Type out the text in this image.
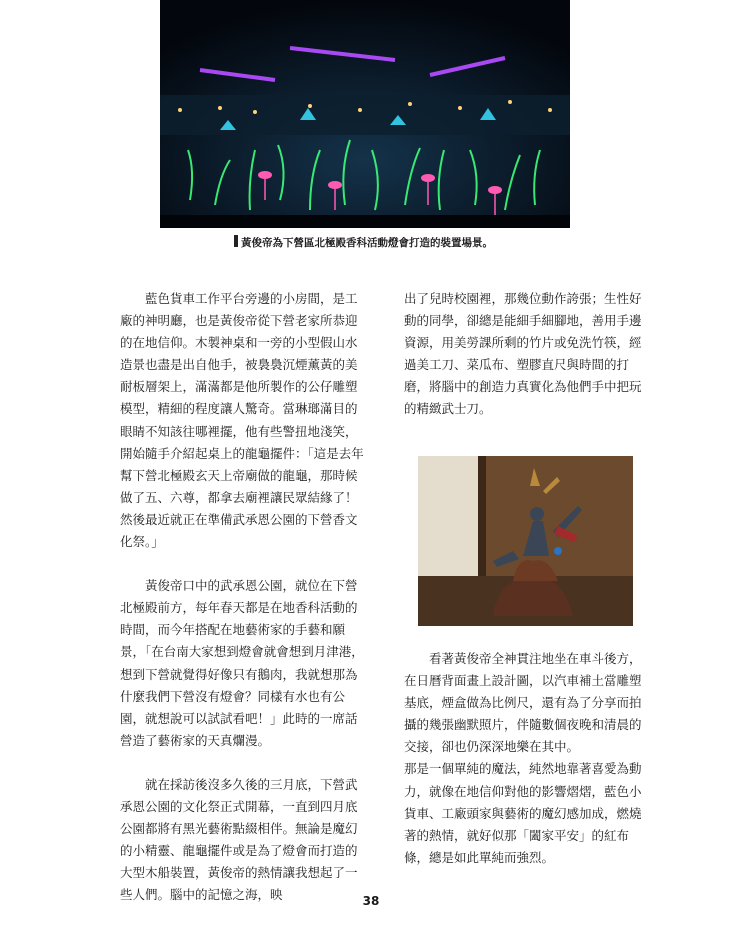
黃俊帝為下營區北極殿香科活動燈會打造的裝置場景。

藍色貨車工作平台旁邊的小房間，是工廠的神明廳，也是黃俊帝從下營老家所恭迎的在地信仰。木製神桌和一旁的小型假山水造景也盡是出自他手，被裊裊沉煙薰黃的美耐板層架上，滿滿都是他所製作的公仔雕塑模型，精細的程度讓人驚奇。當琳瑯滿目的眼睛不知該往哪裡擺，他有些警扭地淺笑，開始隨手介紹起桌上的龍龜擺件：「這是去年幫下營北極殿玄天上帝廟做的龍龜，那時候做了五、六尊，都拿去廟裡讓民眾結緣了！然後最近就正在準備武承恩公園的下營香文化祭。」

黃俊帝口中的武承恩公園，就位在下營北極殿前方，每年春天都是在地香科活動的時間，而今年搭配在地藝術家的手藝和願景，「在台南大家想到燈會就會想到月津港，想到下營就覺得好像只有鵝肉，我就想那為什麼我們下營沒有燈會？同樣有水也有公園，就想說可以試試看吧！」此時的一席話營造了藝術家的天真爛漫。

就在採訪後沒多久後的三月底，下營武承恩公園的文化祭正式開幕，一直到四月底公園都將有黑光藝術點綴相伴。無論是魔幻的小精靈、龍龜擺件或是為了燈會而打造的大型木船裝置，黃俊帝的熱情讓我想起了一些人們。腦中的記憶之海，映

出了兒時校園裡，那幾位動作誇張；生性好動的同學，卻總是能細手細腳地，善用手邊資源，用美勞課所剩的竹片或免洗竹筷，經過美工刀、菜瓜布、塑膠直尺與時間的打磨，將腦中的創造力真實化為他們手中把玩的精緻武士刀。

看著黃俊帝全神貫注地坐在車斗後方，在日曆背面畫上設計圖，以汽車補土當雕塑基底，煙盒做為比例尺，還有為了分享而拍攝的幾張幽默照片，伴隨數個夜晚和清晨的交接，卻也仍深深地樂在其中。

那是一個單純的魔法，純然地靠著喜愛為動力，就像在地信仰對他的影響熠熠，藍色小貨車、工廠頭家與藝術的魔幻感加成，燃燒著的熱情，就好似那「闔家平安」的紅布條，總是如此單純而強烈。

38
